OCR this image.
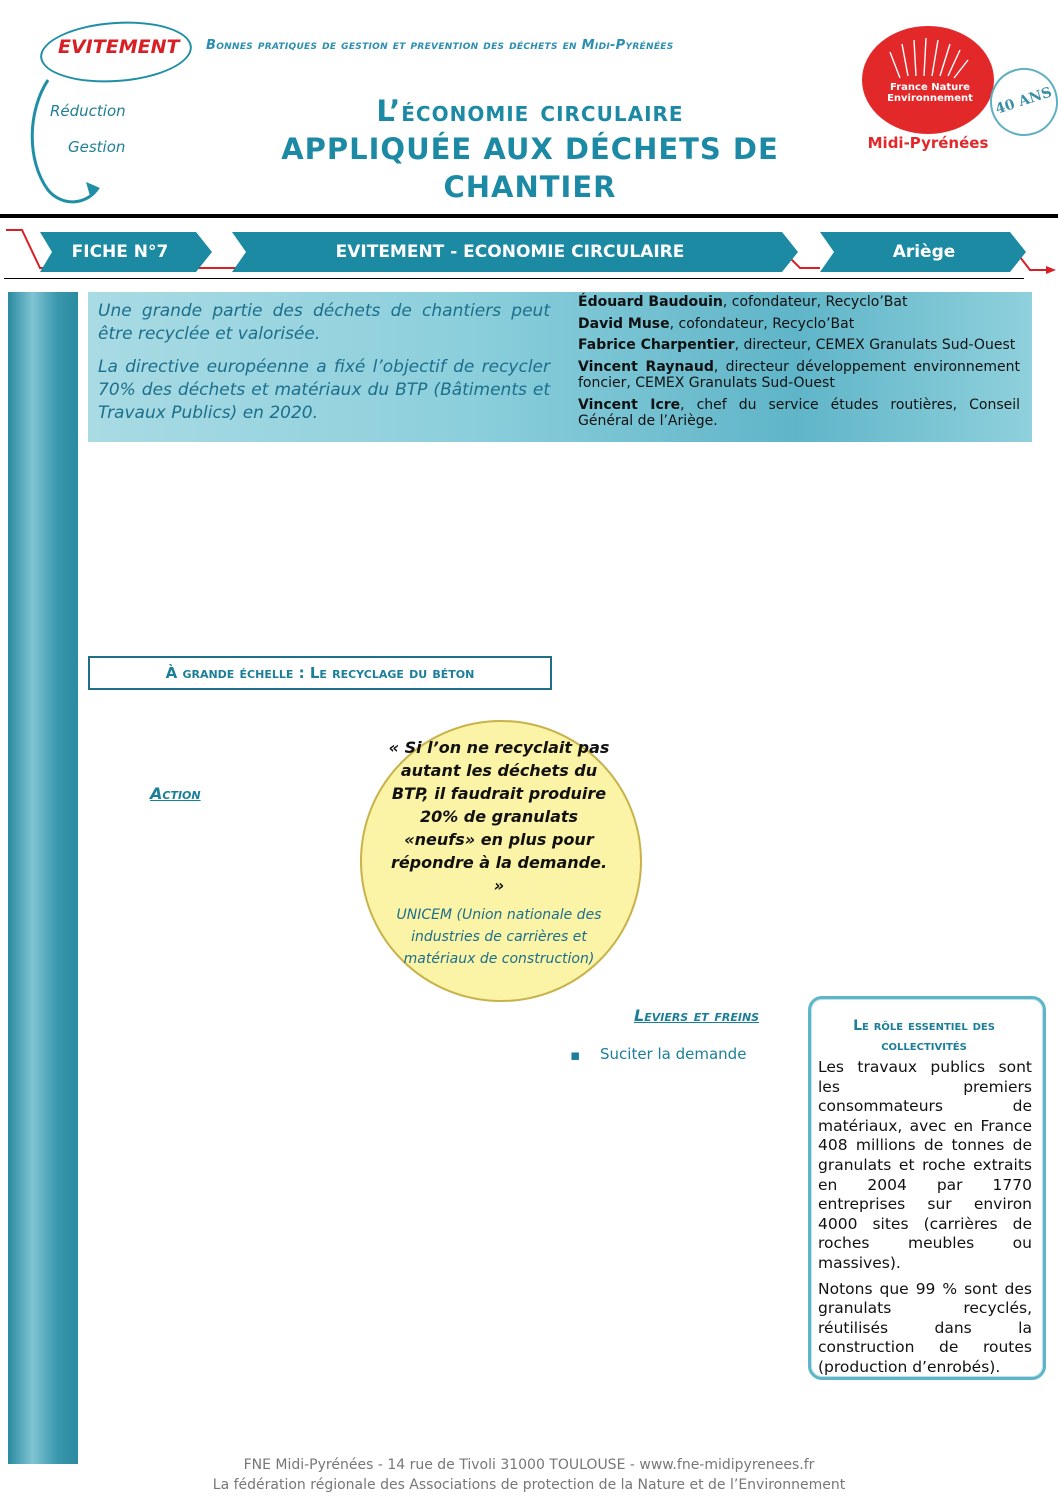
EVITEMENT
Réduction
Gestion
Bonnes pratiques de gestion et prevention des déchets en Midi-Pyrénées
L’économie circulaire
APPLIQUÉE AUX DÉCHETS DE
CHANTIER
France Nature
Environnement
Midi-Pyrénées
40 ANS
FICHE N°7	EVITEMENT - ECONOMIE CIRCULAIRE	Ariège

Une grande partie des déchets de chantiers peut être recyclée et valorisée.

La directive européenne a fixé l’objectif de recycler 70% des déchets et matériaux du BTP (Bâtiments et Travaux Publics) en 2020.

Édouard Baudouin, cofondateur, Recyclo’Bat
David Muse, cofondateur, Recyclo’Bat
Fabrice Charpentier, directeur, CEMEX Granulats Sud-Ouest
Vincent Raynaud, directeur développement environnement foncier, CEMEX Granulats Sud-Ouest
Vincent Icre, chef du service études routières, Conseil Général de l’Ariège.
À grande échelle : Le recyclage du béton
Action
« Si l’on ne recyclait pas autant les déchets du BTP, il faudrait produire 20% de granulats «neufs» en plus pour répondre à la demande. »
UNICEM (Union nationale des industries de carrières et matériaux de construction)
Leviers et freins
▪ Suciter la demande
Le rôle essentiel des collectivités

Les travaux publics sont les premiers consommateurs de matériaux, avec en France 408 millions de tonnes de granulats et roche extraits en 2004 par 1770 entreprises sur environ 4000 sites (carrières de roches meubles ou massives).

Notons que 99 % sont des granulats recyclés, réutilisés dans la construction de routes (production d’enrobés).

FNE Midi-Pyrénées - 14 rue de Tivoli 31000 TOULOUSE - www.fne-midipyrenees.fr
La fédération régionale des Associations de protection de la Nature et de l’Environnement
